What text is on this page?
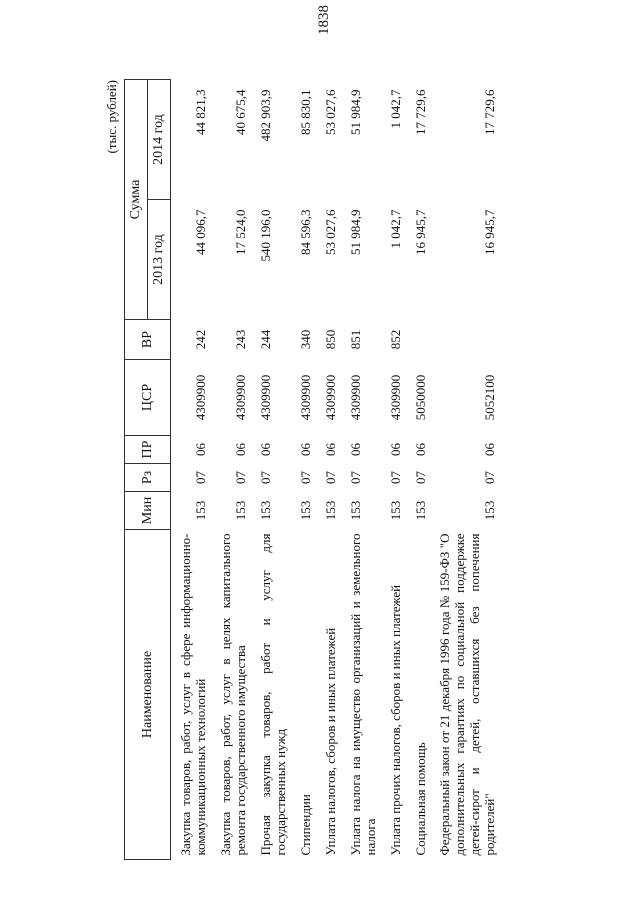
1838
(тыс. рублей)
Наименование	Мин	Рз	ПР	ЦСР	ВР	Сумма	
						2013 год	2014 год
Закупка товаров, работ, услуг в сфере информационно-коммуникационных технологий	153	07	06	4309900	242	44 096,7	44 821,3
Закупка товаров, работ, услуг в целях капитального ремонта государственного имущества	153	07	06	4309900	243	17 524,0	40 675,4
Прочая закупка товаров, работ и услуг для государственных нужд	153	07	06	4309900	244	540 196,0	482 903,9
Стипендии	153	07	06	4309900	340	84 596,3	85 830,1
Уплата налогов, сборов и иных платежей	153	07	06	4309900	850	53 027,6	53 027,6
Уплата налога на имущество организаций и земельного налога	153	07	06	4309900	851	51 984,9	51 984,9
Уплата прочих налогов, сборов и иных платежей	153	07	06	4309900	852	1 042,7	1 042,7
Социальная помощь	153	07	06	5050000		16 945,7	17 729,6
Федеральный закон от 21 декабря 1996 года № 159-ФЗ "О дополнительных гарантиях по социальной поддержке детей-сирот и детей, оставшихся без попечения родителей"	153	07	06	5052100		16 945,7	17 729,6
